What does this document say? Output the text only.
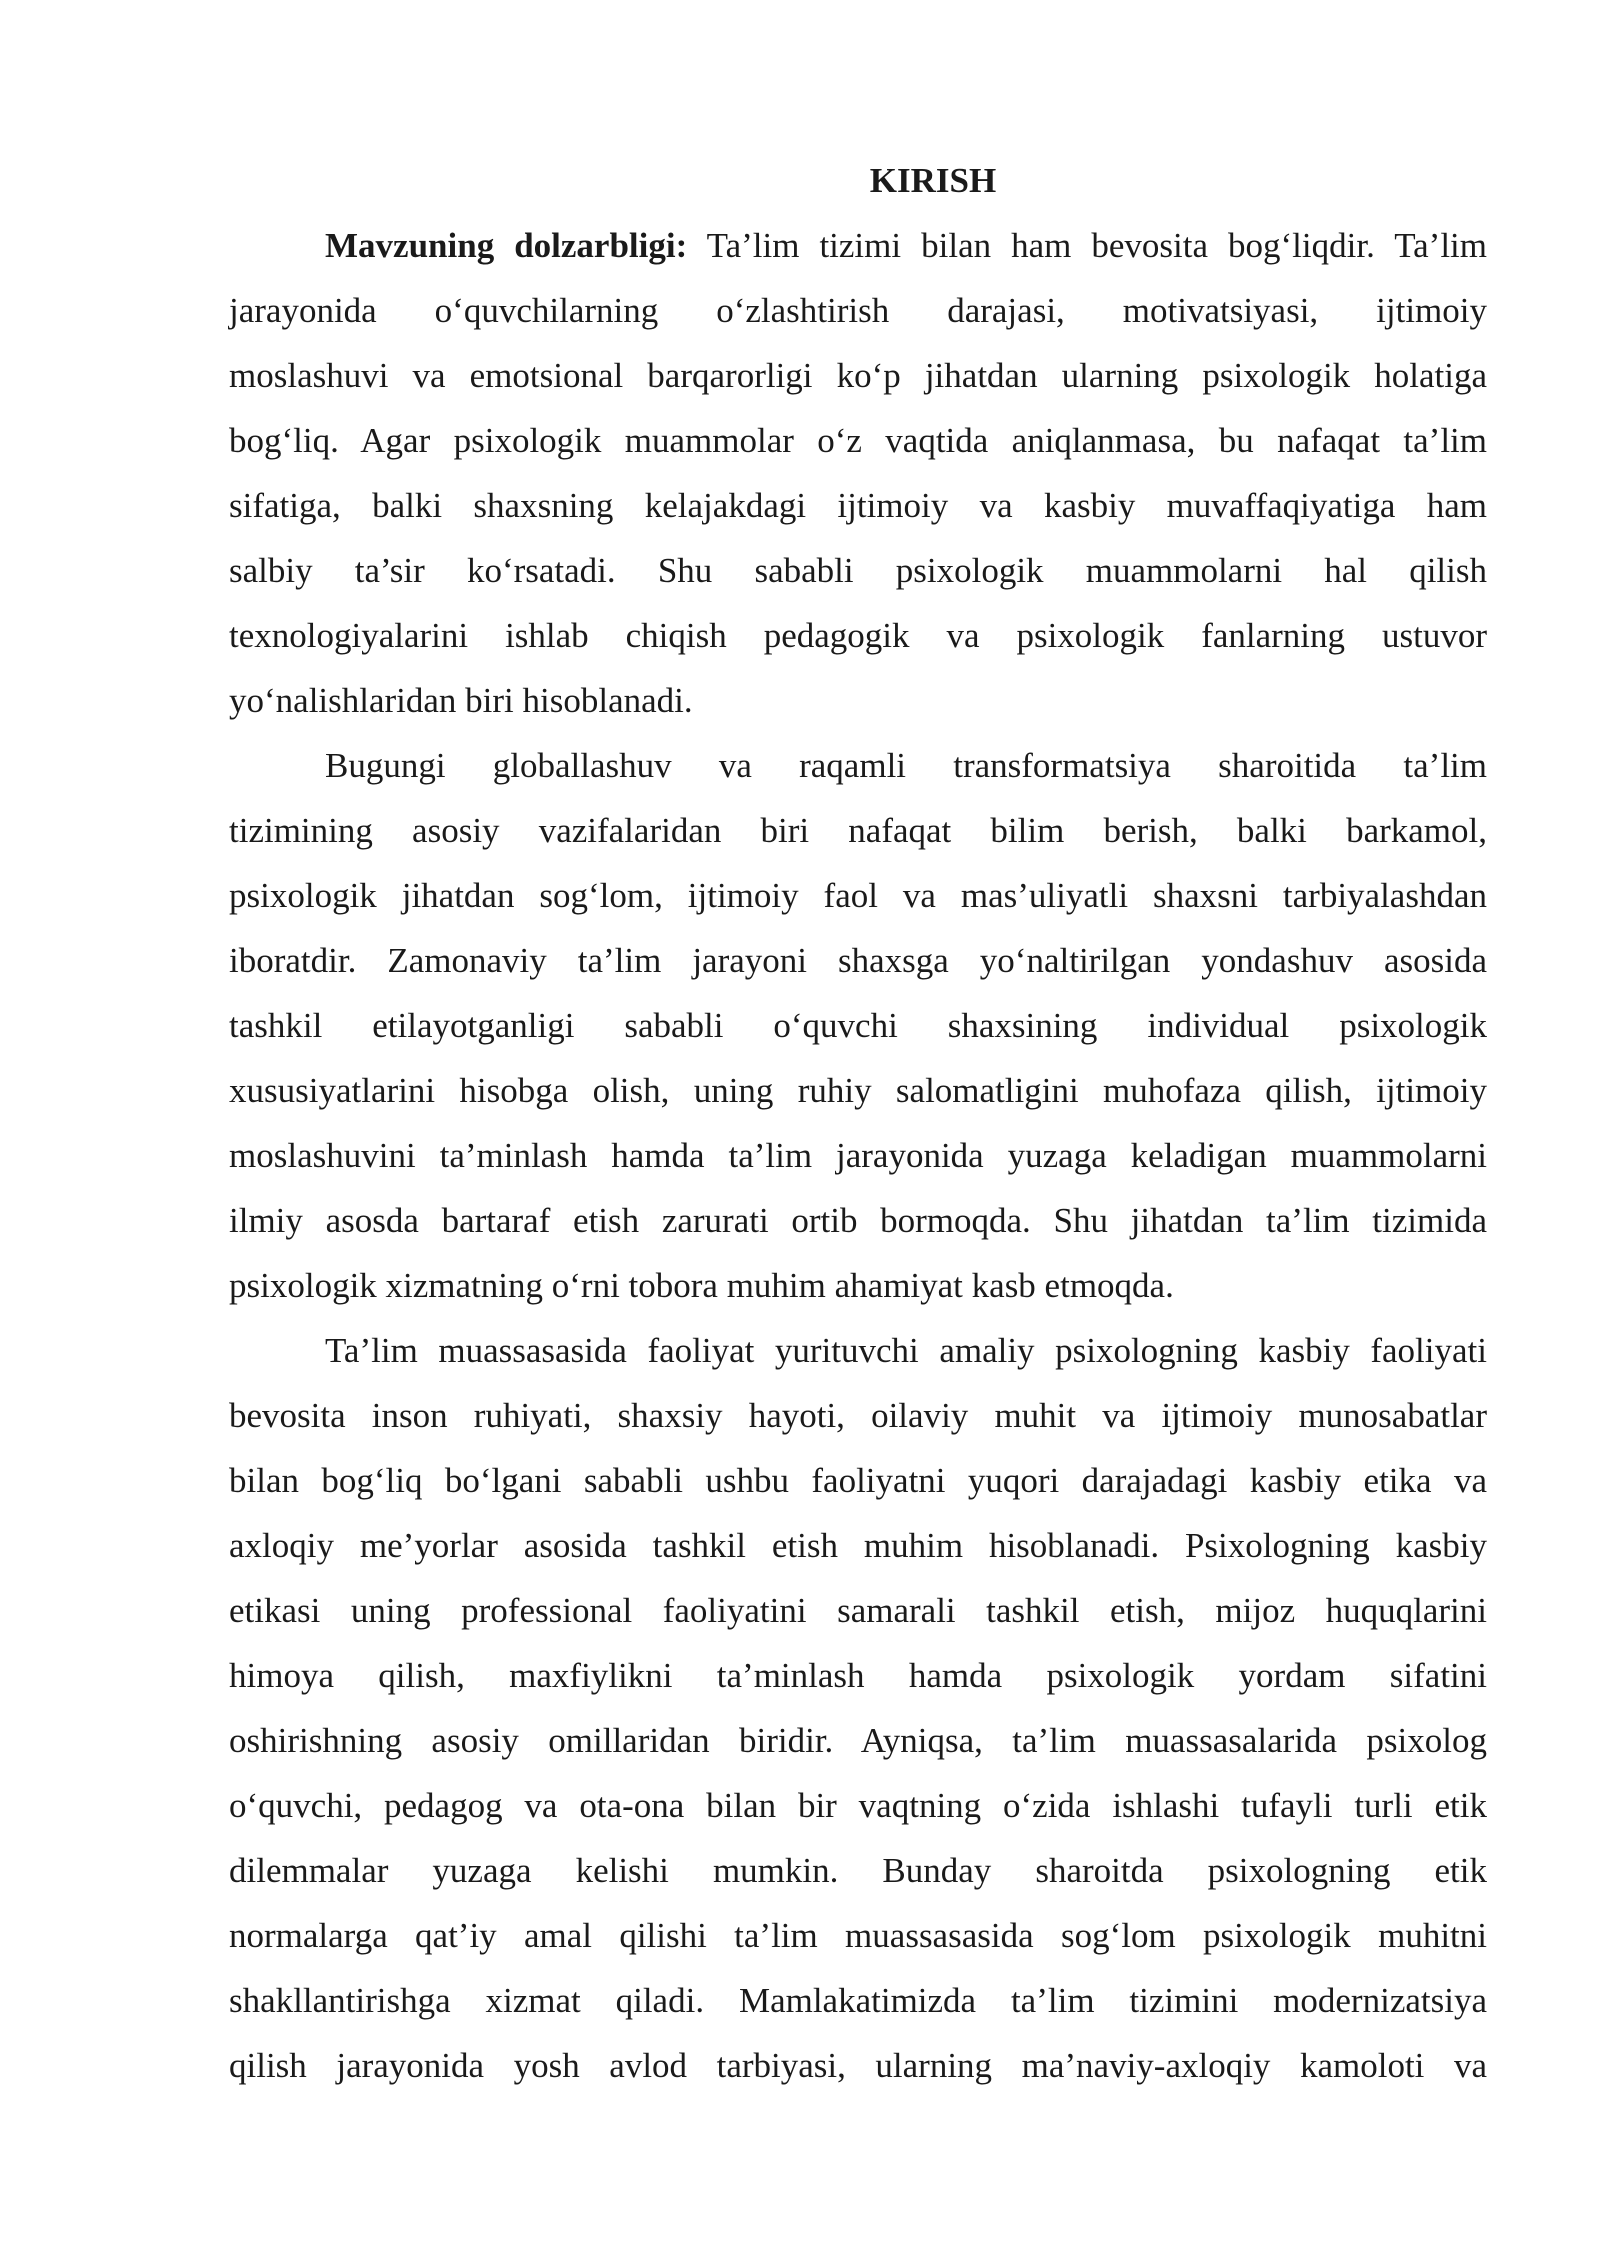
KIRISH
Mavzuning dolzarbligi: Ta’lim tizimi bilan ham bevosita bog‘liqdir. Ta’lim
jarayonida o‘quvchilarning o‘zlashtirish darajasi, motivatsiyasi, ijtimoiy
moslashuvi va emotsional barqarorligi ko‘p jihatdan ularning psixologik holatiga
bog‘liq. Agar psixologik muammolar o‘z vaqtida aniqlanmasa, bu nafaqat ta’lim
sifatiga, balki shaxsning kelajakdagi ijtimoiy va kasbiy muvaffaqiyatiga ham
salbiy ta’sir ko‘rsatadi. Shu sababli psixologik muammolarni hal qilish
texnologiyalarini ishlab chiqish pedagogik va psixologik fanlarning ustuvor
yo‘nalishlaridan biri hisoblanadi.
Bugungi globallashuv va raqamli transformatsiya sharoitida ta’lim
tizimining asosiy vazifalaridan biri nafaqat bilim berish, balki barkamol,
psixologik jihatdan sog‘lom, ijtimoiy faol va mas’uliyatli shaxsni tarbiyalashdan
iboratdir. Zamonaviy ta’lim jarayoni shaxsga yo‘naltirilgan yondashuv asosida
tashkil etilayotganligi sababli o‘quvchi shaxsining individual psixologik
xususiyatlarini hisobga olish, uning ruhiy salomatligini muhofaza qilish, ijtimoiy
moslashuvini ta’minlash hamda ta’lim jarayonida yuzaga keladigan muammolarni
ilmiy asosda bartaraf etish zarurati ortib bormoqda. Shu jihatdan ta’lim tizimida
psixologik xizmatning o‘rni tobora muhim ahamiyat kasb etmoqda.
Ta’lim muassasasida faoliyat yurituvchi amaliy psixologning kasbiy faoliyati
bevosita inson ruhiyati, shaxsiy hayoti, oilaviy muhit va ijtimoiy munosabatlar
bilan bog‘liq bo‘lgani sababli ushbu faoliyatni yuqori darajadagi kasbiy etika va
axloqiy me’yorlar asosida tashkil etish muhim hisoblanadi. Psixologning kasbiy
etikasi uning professional faoliyatini samarali tashkil etish, mijoz huquqlarini
himoya qilish, maxfiylikni ta’minlash hamda psixologik yordam sifatini
oshirishning asosiy omillaridan biridir. Ayniqsa, ta’lim muassasalarida psixolog
o‘quvchi, pedagog va ota-ona bilan bir vaqtning o‘zida ishlashi tufayli turli etik
dilemmalar yuzaga kelishi mumkin. Bunday sharoitda psixologning etik
normalarga qat’iy amal qilishi ta’lim muassasasida sog‘lom psixologik muhitni
shakllantirishga xizmat qiladi. Mamlakatimizda ta’lim tizimini modernizatsiya
qilish jarayonida yosh avlod tarbiyasi, ularning ma’naviy-axloqiy kamoloti va
